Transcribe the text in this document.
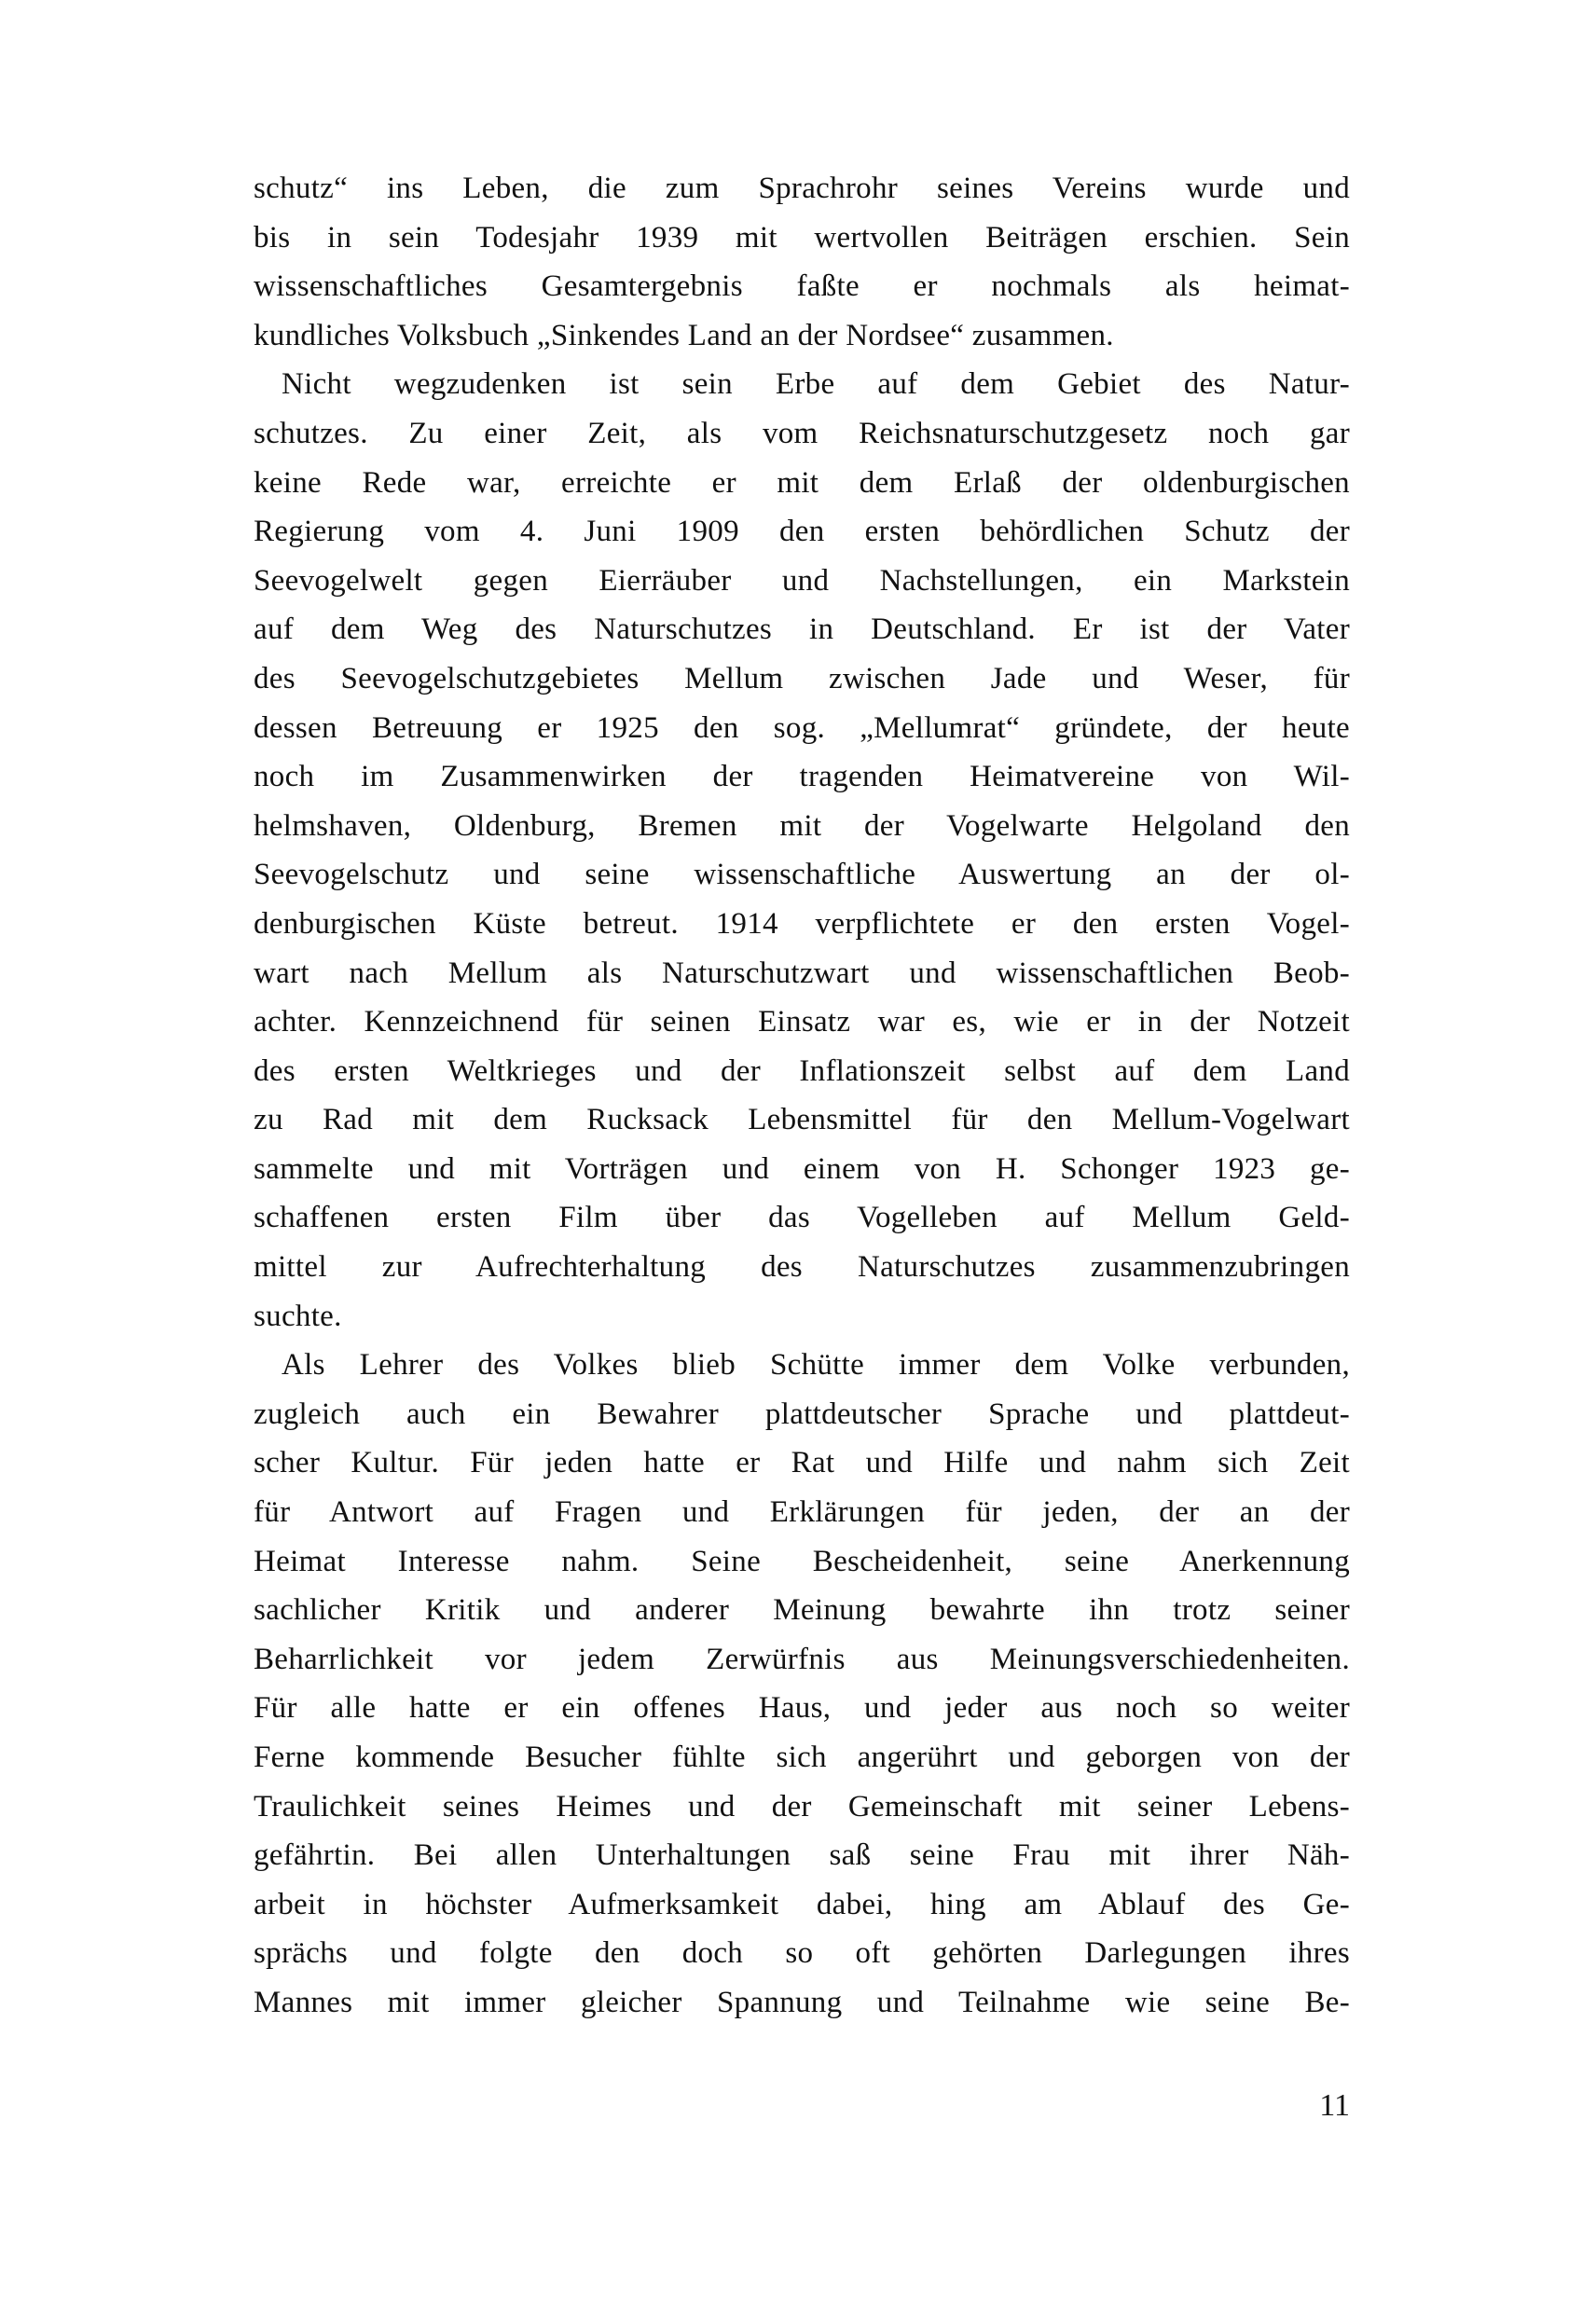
schutz“ ins Leben, die zum Sprachrohr seines Vereins wurde und
bis in sein Todesjahr 1939 mit wertvollen Beiträgen erschien. Sein
wissenschaftliches Gesamtergebnis faßte er nochmals als heimat-
kundliches Volksbuch „Sinkendes Land an der Nordsee“ zusammen.
Nicht wegzudenken ist sein Erbe auf dem Gebiet des Natur-
schutzes. Zu einer Zeit, als vom Reichsnaturschutzgesetz noch gar
keine Rede war, erreichte er mit dem Erlaß der oldenburgischen
Regierung vom 4. Juni 1909 den ersten behördlichen Schutz der
Seevogelwelt gegen Eierräuber und Nachstellungen, ein Markstein
auf dem Weg des Naturschutzes in Deutschland. Er ist der Vater
des Seevogelschutzgebietes Mellum zwischen Jade und Weser, für
dessen Betreuung er 1925 den sog. „Mellumrat“ gründete, der heute
noch im Zusammenwirken der tragenden Heimatvereine von Wil-
helmshaven, Oldenburg, Bremen mit der Vogelwarte Helgoland den
Seevogelschutz und seine wissenschaftliche Auswertung an der ol-
denburgischen Küste betreut. 1914 verpflichtete er den ersten Vogel-
wart nach Mellum als Naturschutzwart und wissenschaftlichen Beob-
achter. Kennzeichnend für seinen Einsatz war es, wie er in der Notzeit
des ersten Weltkrieges und der Inflationszeit selbst auf dem Land
zu Rad mit dem Rucksack Lebensmittel für den Mellum-Vogelwart
sammelte und mit Vorträgen und einem von H. Schonger 1923 ge-
schaffenen ersten Film über das Vogelleben auf Mellum Geld-
mittel zur Aufrechterhaltung des Naturschutzes zusammenzubringen
suchte.
Als Lehrer des Volkes blieb Schütte immer dem Volke verbunden,
zugleich auch ein Bewahrer plattdeutscher Sprache und plattdeut-
scher Kultur. Für jeden hatte er Rat und Hilfe und nahm sich Zeit
für Antwort auf Fragen und Erklärungen für jeden, der an der
Heimat Interesse nahm. Seine Bescheidenheit, seine Anerkennung
sachlicher Kritik und anderer Meinung bewahrte ihn trotz seiner
Beharrlichkeit vor jedem Zerwürfnis aus Meinungsverschiedenheiten.
Für alle hatte er ein offenes Haus, und jeder aus noch so weiter
Ferne kommende Besucher fühlte sich angerührt und geborgen von der
Traulichkeit seines Heimes und der Gemeinschaft mit seiner Lebens-
gefährtin. Bei allen Unterhaltungen saß seine Frau mit ihrer Näh-
arbeit in höchster Aufmerksamkeit dabei, hing am Ablauf des Ge-
sprächs und folgte den doch so oft gehörten Darlegungen ihres
Mannes mit immer gleicher Spannung und Teilnahme wie seine Be-
11
